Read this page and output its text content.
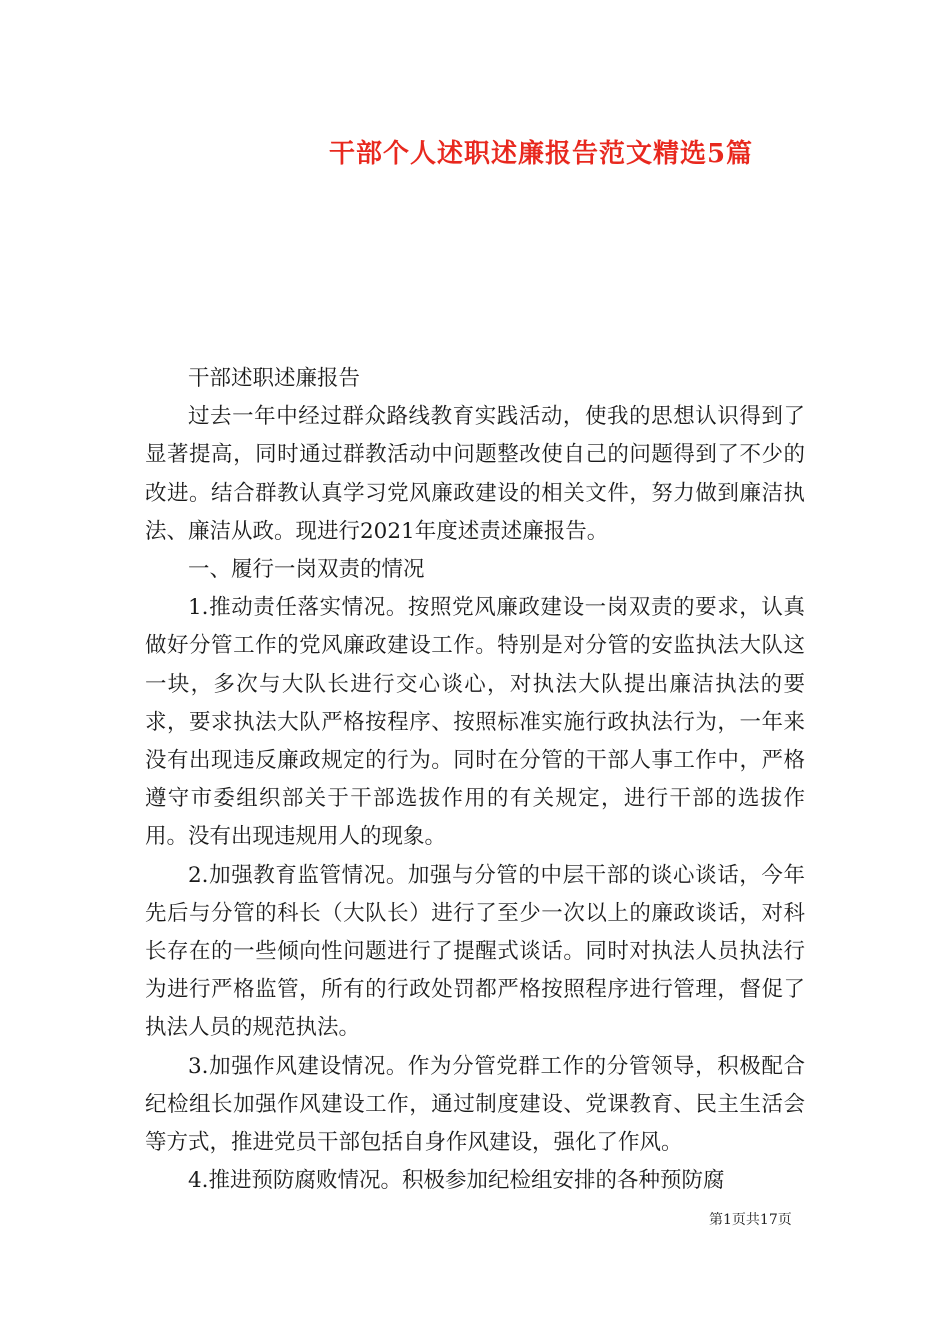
干部个人述职述廉报告范文精选5篇

干部述职述廉报告

过去一年中经过群众路线教育实践活动，使我的思想认识得到了显著提高，同时通过群教活动中问题整改使自己的问题得到了不少的改进。结合群教认真学习党风廉政建设的相关文件，努力做到廉洁执法、廉洁从政。现进行2021年度述责述廉报告。

一、履行一岗双责的情况

1.推动责任落实情况。按照党风廉政建设一岗双责的要求，认真做好分管工作的党风廉政建设工作。特别是对分管的安监执法大队这一块，多次与大队长进行交心谈心，对执法大队提出廉洁执法的要求，要求执法大队严格按程序、按照标准实施行政执法行为，一年来没有出现违反廉政规定的行为。同时在分管的干部人事工作中，严格遵守市委组织部关于干部选拔作用的有关规定，进行干部的选拔作用。没有出现违规用人的现象。

2.加强教育监管情况。加强与分管的中层干部的谈心谈话，今年先后与分管的科长（大队长）进行了至少一次以上的廉政谈话，对科长存在的一些倾向性问题进行了提醒式谈话。同时对执法人员执法行为进行严格监管，所有的行政处罚都严格按照程序进行管理，督促了执法人员的规范执法。

3.加强作风建设情况。作为分管党群工作的分管领导，积极配合纪检组长加强作风建设工作，通过制度建设、党课教育、民主生活会等方式，推进党员干部包括自身作风建设，强化了作风。

4.推进预防腐败情况。积极参加纪检组安排的各种预防腐

第1页共17页
